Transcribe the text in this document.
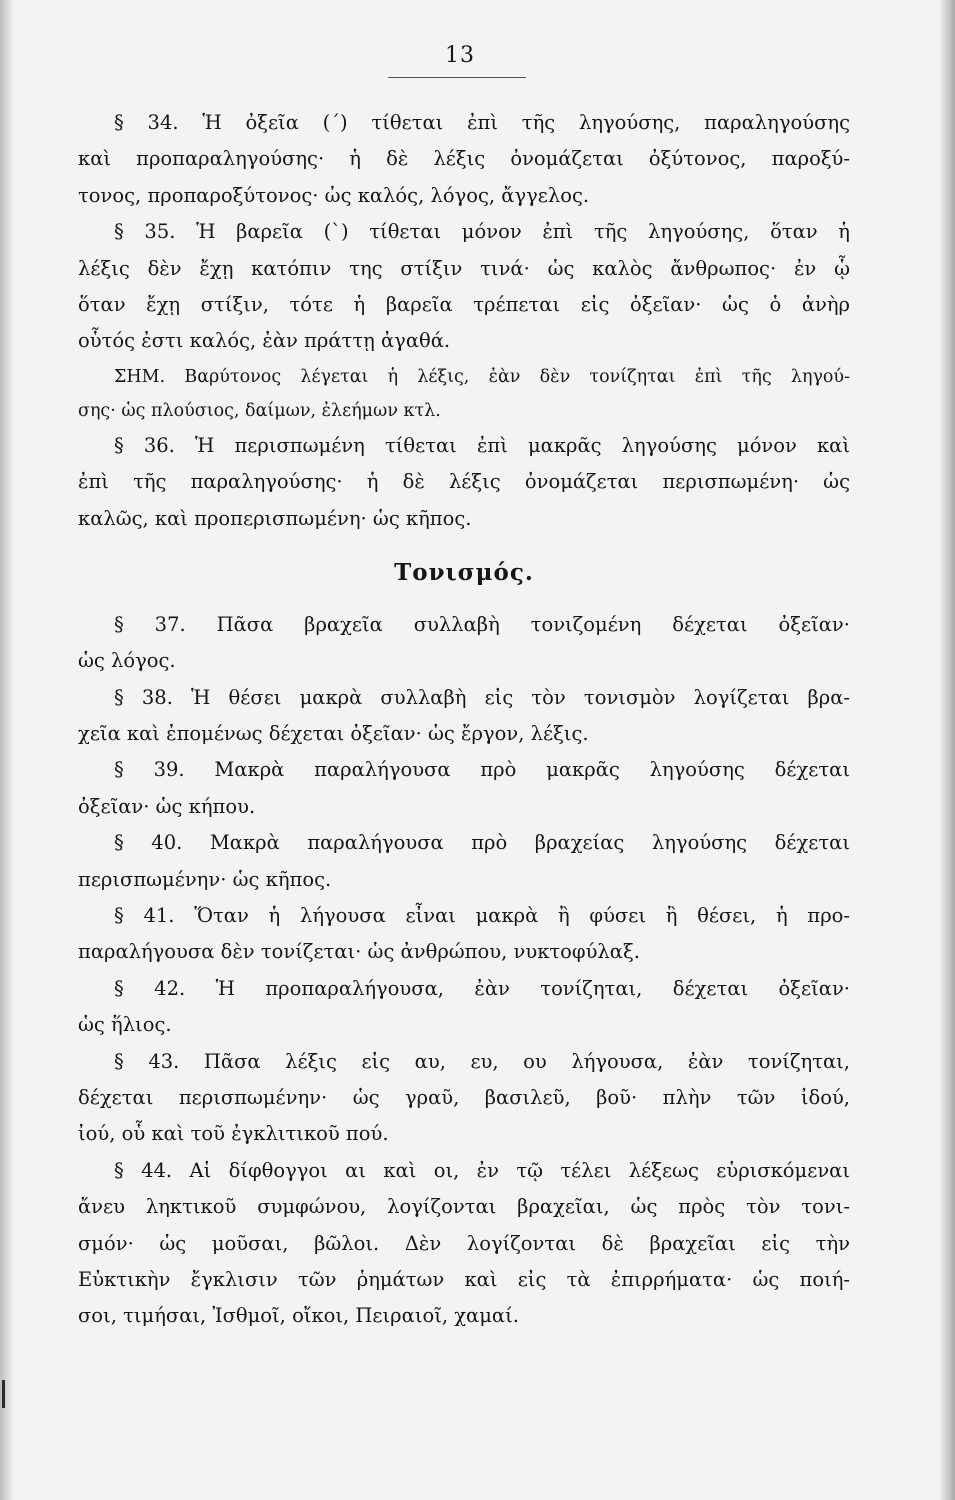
13
§ 34. Ἡ ὀξεῖα (΄) τίθεται ἐπὶ τῆς ληγούσης, παραληγούσης
καὶ προπαραληγούσης· ἡ δὲ λέξις ὀνομάζεται ὀξύτονος, παροξύ-
τονος, προπαροξύτονος· ὡς καλός, λόγος, ἄγγελος.
§ 35. Ἡ βαρεῖα (`) τίθεται μόνον ἐπὶ τῆς ληγούσης, ὅταν ἡ
λέξις δὲν ἔχῃ κατόπιν της στίξιν τινά· ὡς καλὸς ἄνθρωπος· ἐν ᾧ
ὅταν ἔχῃ στίξιν, τότε ἡ βαρεῖα τρέπεται εἰς ὀξεῖαν· ὡς ὁ ἀνὴρ
οὗτός ἐστι καλός, ἐὰν πράττῃ ἀγαθά.
ΣΗΜ. Βαρύτονος λέγεται ἡ λέξις, ἐὰν δὲν τονίζηται ἐπὶ τῆς ληγού-
σης· ὡς πλούσιος, δαίμων, ἐλεήμων κτλ.
§ 36. Ἡ περισπωμένη τίθεται ἐπὶ μακρᾶς ληγούσης μόνον καὶ
ἐπὶ τῆς παραληγούσης· ἡ δὲ λέξις ὀνομάζεται περισπωμένη· ὡς
καλῶς, καὶ προπερισπωμένη· ὡς κῆπος.
Τονισμός.
§ 37. Πᾶσα βραχεῖα συλλαβὴ τονιζομένη δέχεται ὀξεῖαν·
ὡς λόγος.
§ 38. Ἡ θέσει μακρὰ συλλαβὴ εἰς τὸν τονισμὸν λογίζεται βρα-
χεῖα καὶ ἐπομένως δέχεται ὀξεῖαν· ὡς ἔργον, λέξις.
§ 39. Μακρὰ παραλήγουσα πρὸ μακρᾶς ληγούσης δέχεται
ὀξεῖαν· ὡς κήπου.
§ 40. Μακρὰ παραλήγουσα πρὸ βραχείας ληγούσης δέχεται
περισπωμένην· ὡς κῆπος.
§ 41. Ὅταν ἡ λήγουσα εἶναι μακρὰ ἢ φύσει ἢ θέσει, ἡ προ-
παραλήγουσα δὲν τονίζεται· ὡς ἀνθρώπου, νυκτοφύλαξ.
§ 42. Ἡ προπαραλήγουσα, ἐὰν τονίζηται, δέχεται ὀξεῖαν·
ὡς ἥλιος.
§ 43. Πᾶσα λέξις εἰς αυ, ευ, ου λήγουσα, ἐὰν τονίζηται,
δέχεται περισπωμένην· ὡς γραῦ, βασιλεῦ, βοῦ· πλὴν τῶν ἰδού,
ἰού, οὗ καὶ τοῦ ἐγκλιτικοῦ πού.
§ 44. Αἱ δίφθογγοι αι καὶ οι, ἐν τῷ τέλει λέξεως εὑρισκόμεναι
ἄνευ ληκτικοῦ συμφώνου, λογίζονται βραχεῖαι, ὡς πρὸς τὸν τονι-
σμόν· ὡς μοῦσαι, βῶλοι. Δὲν λογίζονται δὲ βραχεῖαι εἰς τὴν
Εὐκτικὴν ἔγκλισιν τῶν ῥημάτων καὶ εἰς τὰ ἐπιρρήματα· ὡς ποιή-
σοι, τιμήσαι, Ἰσθμοῖ, οἴκοι, Πειραιοῖ, χαμαί.
